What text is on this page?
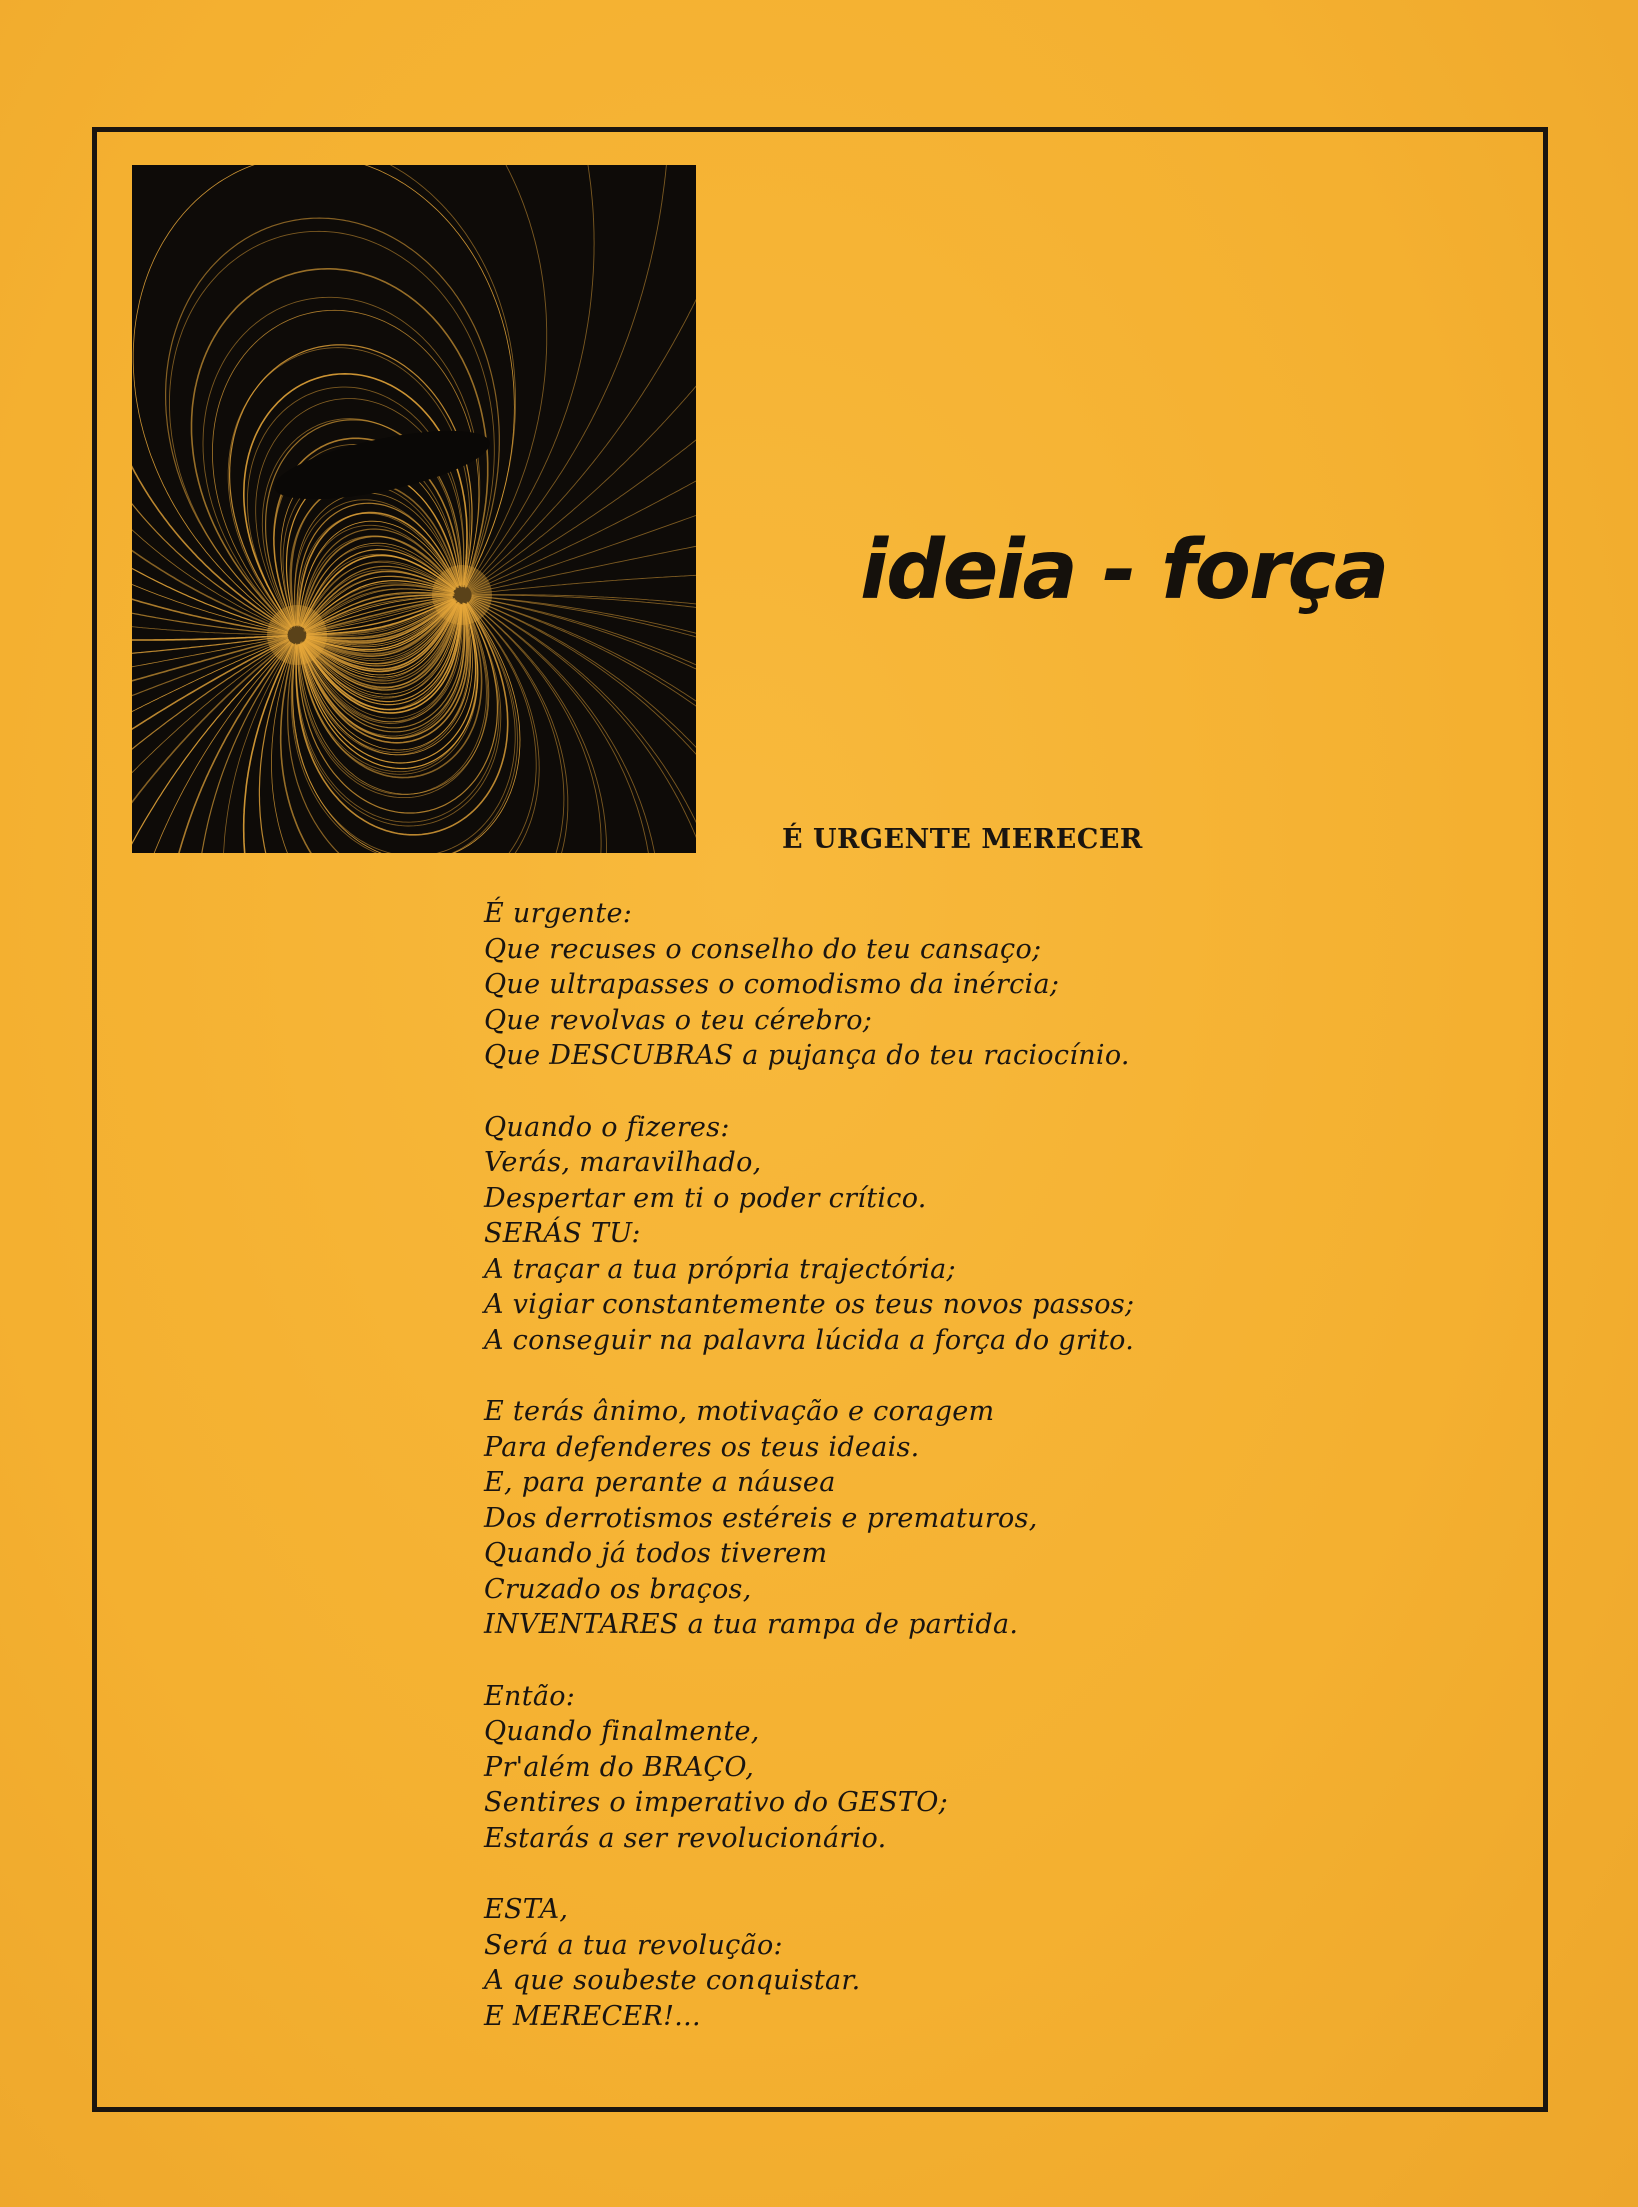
ideia - força
É URGENTE MERECER
É urgente:
Que recuses o conselho do teu cansaço;
Que ultrapasses o comodismo da inércia;
Que revolvas o teu cérebro;
Que DESCUBRAS a pujança do teu raciocínio.
Quando o fizeres:
Verás, maravilhado,
Despertar em ti o poder crítico.
SERÁS TU:
A traçar a tua própria trajectória;
A vigiar constantemente os teus novos passos;
A conseguir na palavra lúcida a força do grito.
E terás ânimo, motivação e coragem
Para defenderes os teus ideais.
E, para perante a náusea
Dos derrotismos estéreis e prematuros,
Quando já todos tiverem
Cruzado os braços,
INVENTARES a tua rampa de partida.
Então:
Quando finalmente,
Pr'além do BRAÇO,
Sentires o imperativo do GESTO;
Estarás a ser revolucionário.
ESTA,
Será a tua revolução:
A que soubeste conquistar.
E MERECER!...
